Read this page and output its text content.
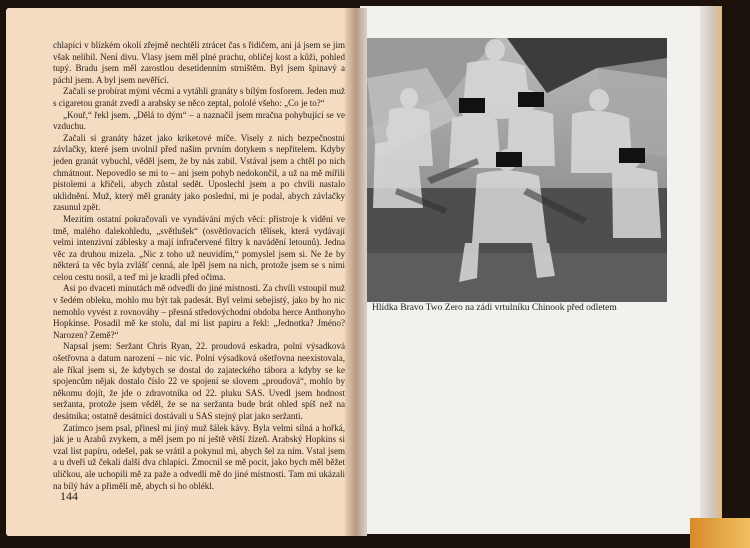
chlapíci v blízkém okolí zřejmě nechtěli ztrácet čas s řidičem, ani já jsem se jim však nelíbil. Není divu. Vlasy jsem měl plné prachu, obličej kost a kůži, pohled tupý. Bradu jsem měl zarostlou desetidenním strništěm. Byl jsem špinavý a páchl jsem. A byl jsem nevěřící.

Začali se probírat mými věcmi a vytáhli granáty s bílým fosforem. Jeden muž s cigaretou granát zvedl a arabsky se něco zeptal, pololé všeho: „Co je to?“

„Kouř,“ řekl jsem. „Dělá to dým“ – a naznačil jsem mračna pohybující se ve vzduchu.

Začali si granáty házet jako kriketové míče. Visely z nich bezpečnostní závlačky, které jsem uvolnil před naším prvním dotykem s nepřítelem. Kdyby jeden granát vybuchl, věděl jsem, že by nás zabil. Vstával jsem a chtěl po nich chmátnout. Nepovedlo se mi to – ani jsem pohyb nedokončil, a už na mě mířili pistolemi a křičeli, abych zůstal sedět. Uposlechl jsem a po chvíli nastalo uklidnění. Muž, který měl granáty jako poslední, mi je podal, abych závlačky zasunul zpět.

Mezitím ostatní pokračovali ve vyndávání mých věcí: přístroje k vidění ve tmě, malého dalekohledu, „světlušek“ (osvětlovacích tělísek, která vydávají velmi intenzivní záblesky a mají infračervené filtry k navádění letounů). Jedna věc za druhou mizela. „Nic z toho už neuvidím,“ pomyslel jsem si. Ne že by některá ta věc byla zvlášť cenná, ale lpěl jsem na nich, protože jsem se s nimi celou cestu nosil, a teď mi je kradli před očima.

Asi po dvaceti minutách mě odvedli do jiné místnosti. Za chvíli vstoupil muž v šedém obleku, mohlo mu být tak padesát. Byl velmi sebejistý, jako by ho nic nemohlo vyvést z rovnováhy – přesná středovýchodní obdoba herce Anthonyho Hopkinse. Posadil mě ke stolu, dal mi list papíru a řekl: „Jednotka? Jméno? Narozen? Země?“

Napsal jsem: Seržant Chris Ryan, 22. proudová eskadra, polní výsadková ošetřovna a datum narození – nic víc. Polní výsadková ošetřovna neexistovala, ale říkal jsem si, že kdybych se dostal do zajateckého tábora a kdyby se ke spojencům nějak dostalo číslo 22 ve spojení se slovem „proudová“, mohlo by někomu dojít, že jde o zdravotníka od 22. pluku SAS. Uvedl jsem hodnost seržanta, protože jsem věděl, že se na seržanta bude brát ohled spíš než na desátníka; ostatně desátníci dostávali u SAS stejný plat jako seržanti.

Zatímco jsem psal, přinesl mi jiný muž šálek kávy. Byla velmi silná a hořká, jak je u Arabů zvykem, a měl jsem po ní ještě větší žízeň. Arabský Hopkins si vzal list papíru, odešel, pak se vrátil a pokynul mi, abych šel za ním. Vstal jsem a u dveří už čekali další dva chlapíci. Zmocnil se mě pocit, jako bych měl běžet uličkou, ale uchopili mě za paže a odvedli mě do jiné místnosti. Tam mi ukázali na bílý háv a přiměli mě, abych si ho oblékl.

144
Hlídka Bravo Two Zero na zádi vrtulníku Chinook před odletem
